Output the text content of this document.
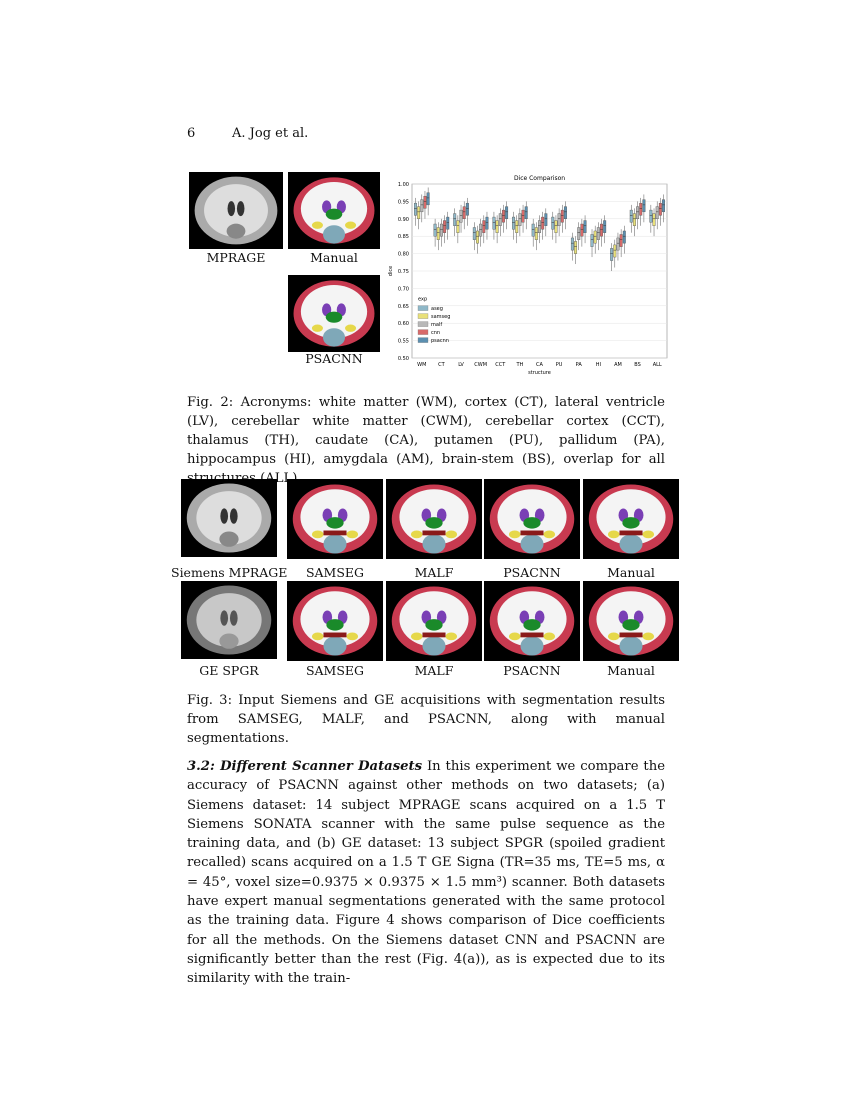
6	A. Jog et al.
MPRAGE	Manual
PSACNN
Dice Comparison
0.50
0.55
0.60
0.65
0.70
0.75
0.80
0.85
0.90
0.95
1.00
dice
WM CT	LV CWM CCT TH	CA	PU	PA	HI	AM BS ALL
structure
exp
aseg
samseg
malf
cnn
psacnn
Fig. 2: Acronyms: white matter (WM), cortex (CT), lateral ventricle (LV), cerebellar white matter (CWM), cerebellar cortex (CCT), thalamus (TH), caudate (CA), putamen (PU), pallidum (PA), hippocampus (HI), amygdala (AM), brain-stem (BS), overlap for all (ALL).
Siemens MPRAGE	SAMSEG	MALF	PSACNN	Manual
GE SPGR	SAMSEG	MALF	PSACNN	Manual
Fig. 3: Input Siemens and GE acquisitions with segmentation results from SAMSEG, MALF, and PSACNN, along with manual segmentations.
3.2: Different Scanner Datasets In this experiment we compare the accuracy of PSACNN against other methods on two datasets; (a) Siemens dataset: 14 subject MPRAGE scans acquired on a 1.5 T Siemens SONATA scanner with the same pulse sequence as the training data, and (b) GE dataset: 13 subject SPGR (spoiled gradient recalled) scans acquired on a 1.5 T GE Signa (TR=35 ms, TE=5 ms, α = 45°, voxel size=0.9375 × 0.9375 × 1.5 mm³) scanner. Both datasets have expert manual segmentations generated with the same protocol as the training data. Figure 4 shows comparison of Dice coefficients for all the methods. On the Siemens dataset CNN and PSACNN are significantly better than the rest (Fig. 4(a)), as is expected due to its similarity with the train-
